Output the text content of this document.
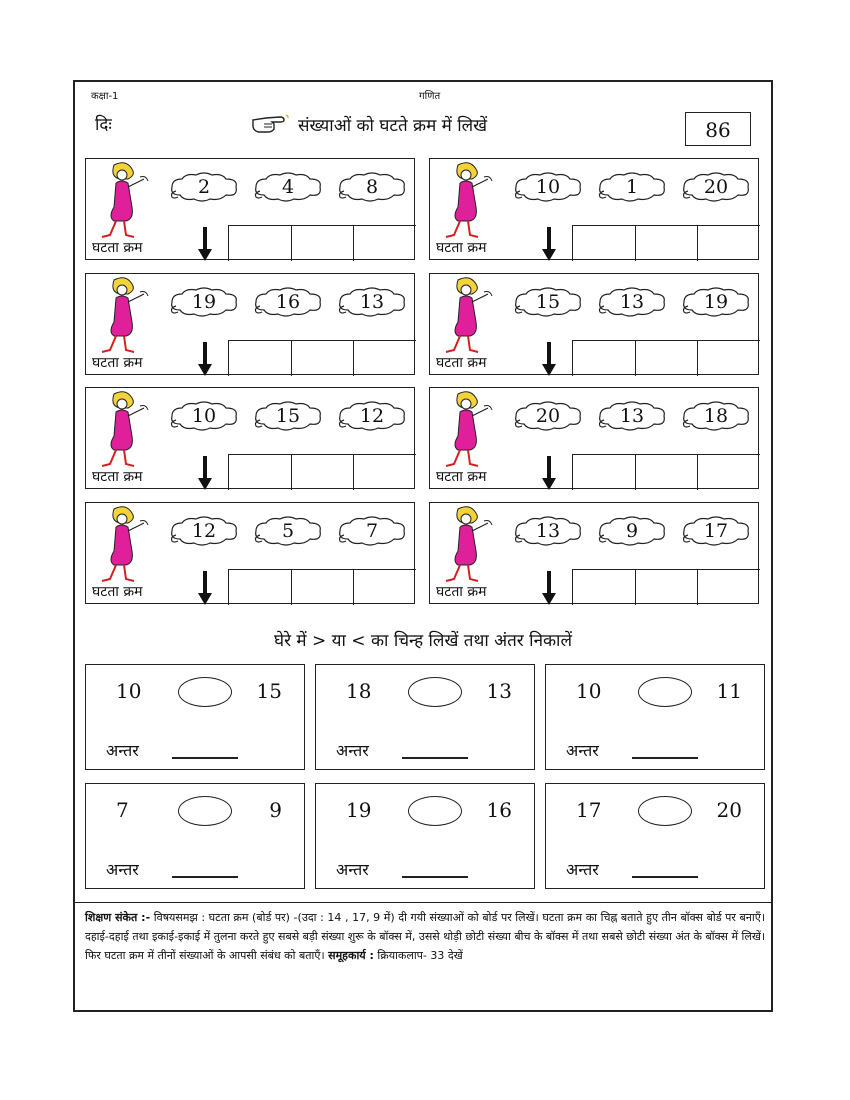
कक्षा-1	गणित
दिः	संख्याओं को घटते क्रम में लिखें	86
2	4	8
घटता क्रम
10	1	20
घटता क्रम
19	16	13
घटता क्रम
15	13	19
घटता क्रम
10	15	12
घटता क्रम
20	13	18
घटता क्रम
12	5	7
घटता क्रम
13	9	17
घटता क्रम
घेरे में > या < का चिन्ह लिखें तथा अंतर निकालें
10	15
अन्तर
18	13
अन्तर
10	11
अन्तर
7	9
अन्तर
19	16
अन्तर
17	20
अन्तर
शिक्षण संकेत :- विषयसमझ : घटता क्रम (बोर्ड पर) -(उदा : 14 , 17, 9 में) दी गयी संख्याओं को बोर्ड पर लिखें। घटता क्रम का चिह्न बताते हुए तीन बॉक्स बोर्ड पर बनाएँ। दहाई-दहाई तथा इकाई-इकाई में तुलना करते हुए सबसे बड़ी संख्या शुरू के बॉक्स में, उससे थोड़ी छोटी संख्या बीच के बॉक्स में तथा सबसे छोटी संख्या अंत के बॉक्स में लिखें। फिर घटता क्रम में तीनों संख्याओं के आपसी संबंध को बताएँ। समूहकार्य : क्रियाकलाप- 33 देखें
